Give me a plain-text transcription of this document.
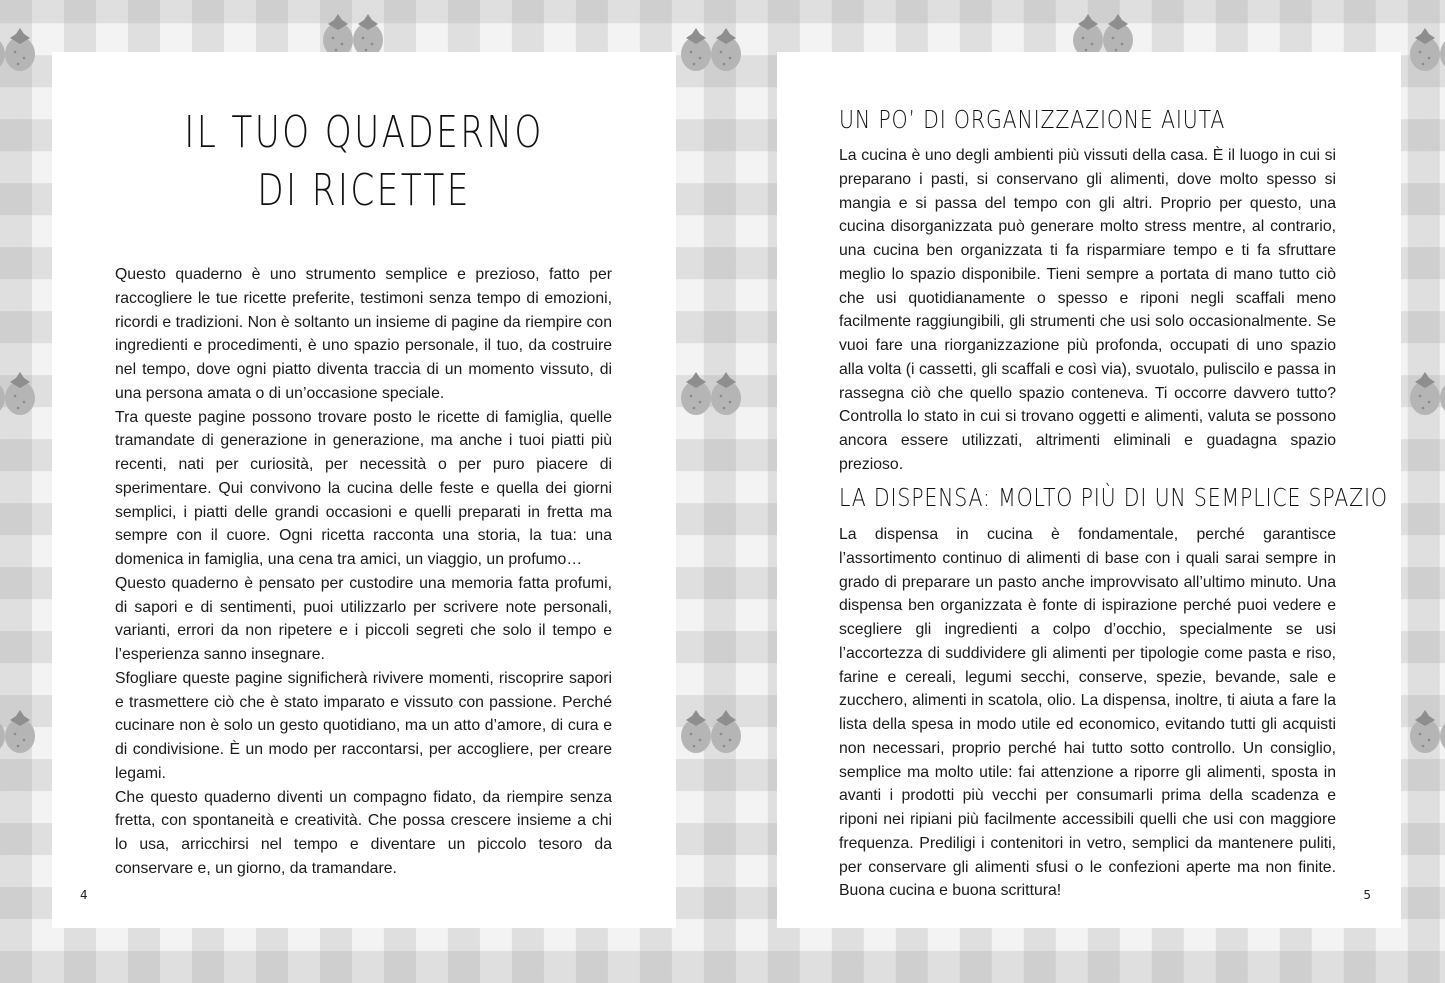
IL TUO QUADERNO
DI RICETTE

Questo quaderno è uno strumento semplice e prezioso, fatto per raccogliere le tue ricette preferite, testimoni senza tempo di emozioni, ricordi e tradizioni. Non è soltanto un insieme di pagine da riempire con ingredienti e procedimenti, è uno spazio personale, il tuo, da costruire nel tempo, dove ogni piatto diventa traccia di un momento vissuto, di una persona amata o di un’occasione speciale.

Tra queste pagine possono trovare posto le ricette di famiglia, quelle tramandate di generazione in generazione, ma anche i tuoi piatti più recenti, nati per curiosità, per necessità o per puro piacere di sperimentare. Qui convivono la cucina delle feste e quella dei giorni semplici, i piatti delle grandi occasioni e quelli preparati in fretta ma sempre con il cuore. Ogni ricetta racconta una storia, la tua: una domenica in famiglia, una cena tra amici, un viaggio, un profumo…

Questo quaderno è pensato per custodire una memoria fatta profumi, di sapori e di sentimenti, puoi utilizzarlo per scrivere note personali, varianti, errori da non ripetere e i piccoli segreti che solo il tempo e l’esperienza sanno insegnare.

Sfogliare queste pagine significherà rivivere momenti, riscoprire sapori e trasmettere ciò che è stato imparato e vissuto con passione. Perché cucinare non è solo un gesto quotidiano, ma un atto d’amore, di cura e di condivisione. È un modo per raccontarsi, per accogliere, per creare legami.

Che questo quaderno diventi un compagno fidato, da riempire senza fretta, con spontaneità e creatività. Che possa crescere insieme a chi lo usa, arricchirsi nel tempo e diventare un piccolo tesoro da conservare e, un giorno, da tramandare.

4
UN PO’ DI ORGANIZZAZIONE AIUTA

La cucina è uno degli ambienti più vissuti della casa. È il luogo in cui si preparano i pasti, si conservano gli alimenti, dove molto spesso si mangia e si passa del tempo con gli altri. Proprio per questo, una cucina disorganizzata può generare molto stress mentre, al contrario, una cucina ben organizzata ti fa risparmiare tempo e ti fa sfruttare meglio lo spazio disponibile. Tieni sempre a portata di mano tutto ciò che usi quotidianamente o spesso e riponi negli scaffali meno facilmente raggiungibili, gli strumenti che usi solo occasionalmente. Se vuoi fare una riorganizzazione più profonda, occupati di uno spazio alla volta (i cassetti, gli scaffali e così via), svuotalo, puliscilo e passa in rassegna ciò che quello spazio conteneva. Ti occorre davvero tutto? Controlla lo stato in cui si trovano oggetti e alimenti, valuta se possono ancora essere utilizzati, altrimenti eliminali e guadagna spazio prezioso.

LA DISPENSA: MOLTO PIÙ DI UN SEMPLICE SPAZIO

La dispensa in cucina è fondamentale, perché garantisce l’assortimento continuo di alimenti di base con i quali sarai sempre in grado di preparare un pasto anche improvvisato all’ultimo minuto. Una dispensa ben organizzata è fonte di ispirazione perché puoi vedere e scegliere gli ingredienti a colpo d’occhio, specialmente se usi l’accortezza di suddividere gli alimenti per tipologie come pasta e riso, farine e cereali, legumi secchi, conserve, spezie, bevande, sale e zucchero, alimenti in scatola, olio. La dispensa, inoltre, ti aiuta a fare la lista della spesa in modo utile ed economico, evitando tutti gli acquisti non necessari, proprio perché hai tutto sotto controllo. Un consiglio, semplice ma molto utile: fai attenzione a riporre gli alimenti, sposta in avanti i prodotti più vecchi per consumarli prima della scadenza e riponi nei ripiani più facilmente accessibili quelli che usi con maggiore frequenza. Prediligi i contenitori in vetro, semplici da mantenere puliti, per conservare gli alimenti sfusi o le confezioni aperte ma non finite. Buona cucina e buona scrittura!	5
